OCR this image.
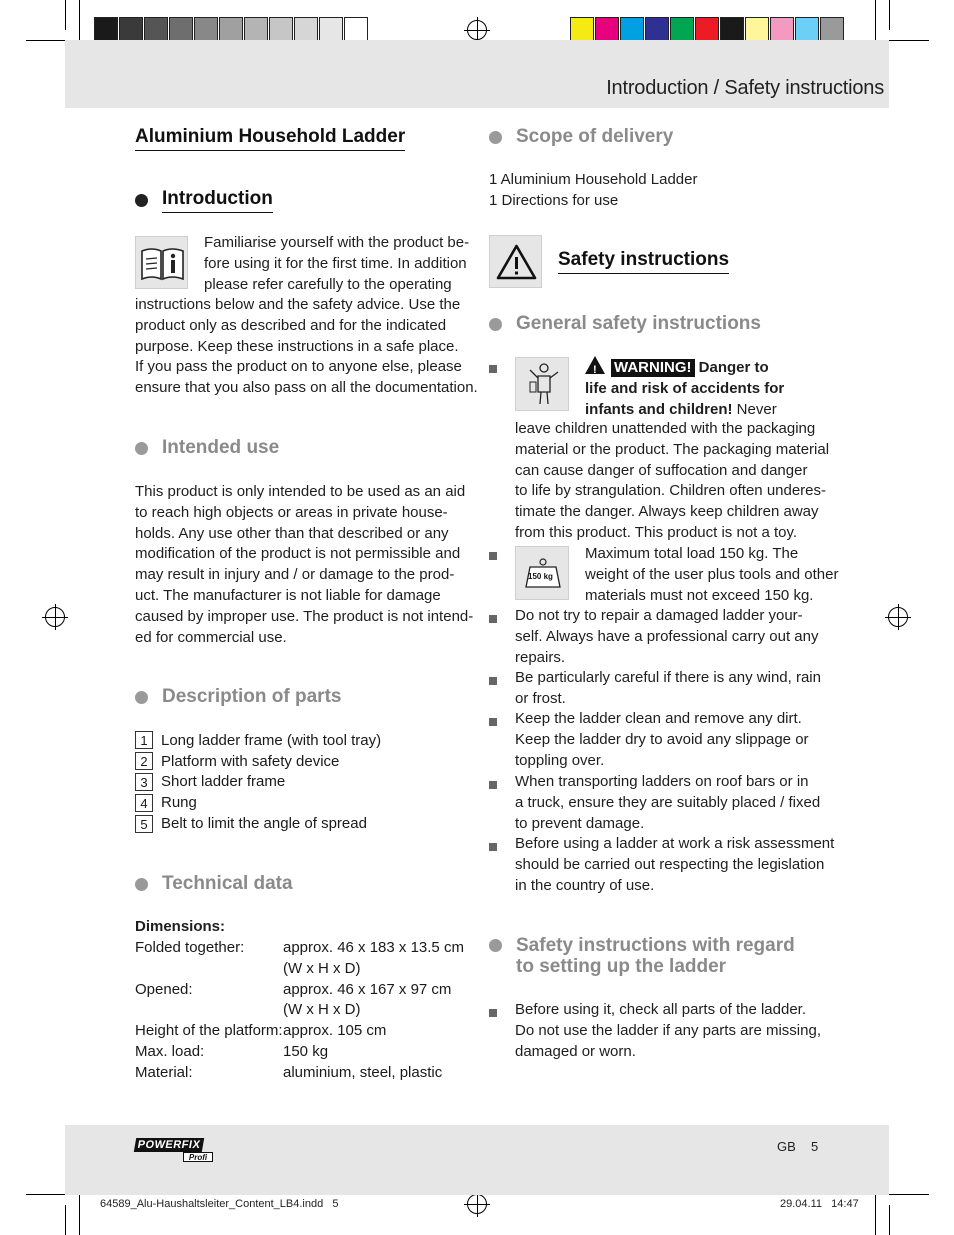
Introduction / Safety instructions
Aluminium Household Ladder
Introduction
Familiarise yourself with the product be-
fore using it for the first time. In addition
please refer carefully to the operating
instructions below and the safety advice. Use the
product only as described and for the indicated
purpose. Keep these instructions in a safe place.
If you pass the product on to anyone else, please
ensure that you also pass on all the documentation.
Intended use
This product is only intended to be used as an aid
to reach high objects or areas in private house-
holds. Any use other than that described or any
modification of the product is not permissible and
may result in injury and / or damage to the prod-
uct. The manufacturer is not liable for damage
caused by improper use. The product is not intend-
ed for commercial use.
Description of parts
1 Long ladder frame (with tool tray)
2 Platform with safety device
3 Short ladder frame
4 Rung
5 Belt to limit the angle of spread
Technical data
Dimensions:
Folded together:	approx. 46 x 183 x 13.5 cm
	(W x H x D)
Opened:	approx. 46 x 167 x 97 cm
	(W x H x D)
Height of the platform:	approx. 105 cm
Max. load:	150 kg
Material:	aluminium, steel, plastic
Scope of delivery
1 Aluminium Household Ladder
1 Directions for use
Safety instructions
General safety instructions
! WARNING! Danger to
life and risk of accidents for
infants and children! Never
leave children unattended with the packaging
material or the product. The packaging material
can cause danger of suffocation and danger
to life by strangulation. Children often underes-
timate the danger. Always keep children away
from this product. This product is not a toy.
150 kg
Maximum total load 150 kg. The
weight of the user plus tools and other
materials must not exceed 150 kg.
Do not try to repair a damaged ladder your-
self. Always have a professional carry out any
repairs.
Be particularly careful if there is any wind, rain
or frost.
Keep the ladder clean and remove any dirt.
Keep the ladder dry to avoid any slippage or
toppling over.
When transporting ladders on roof bars or in
a truck, ensure they are suitably placed / fixed
to prevent damage.
Before using a ladder at work a risk assessment
should be carried out respecting the legislation
in the country of use.
Safety instructions with regard
to setting up the ladder
Before using it, check all parts of the ladder.
Do not use the ladder if any parts are missing,
damaged or worn.
POWERFIX
Profi
GB 5
64589_Alu-Haushaltsleiter_Content_LB4.indd   5	29.04.11   14:47
